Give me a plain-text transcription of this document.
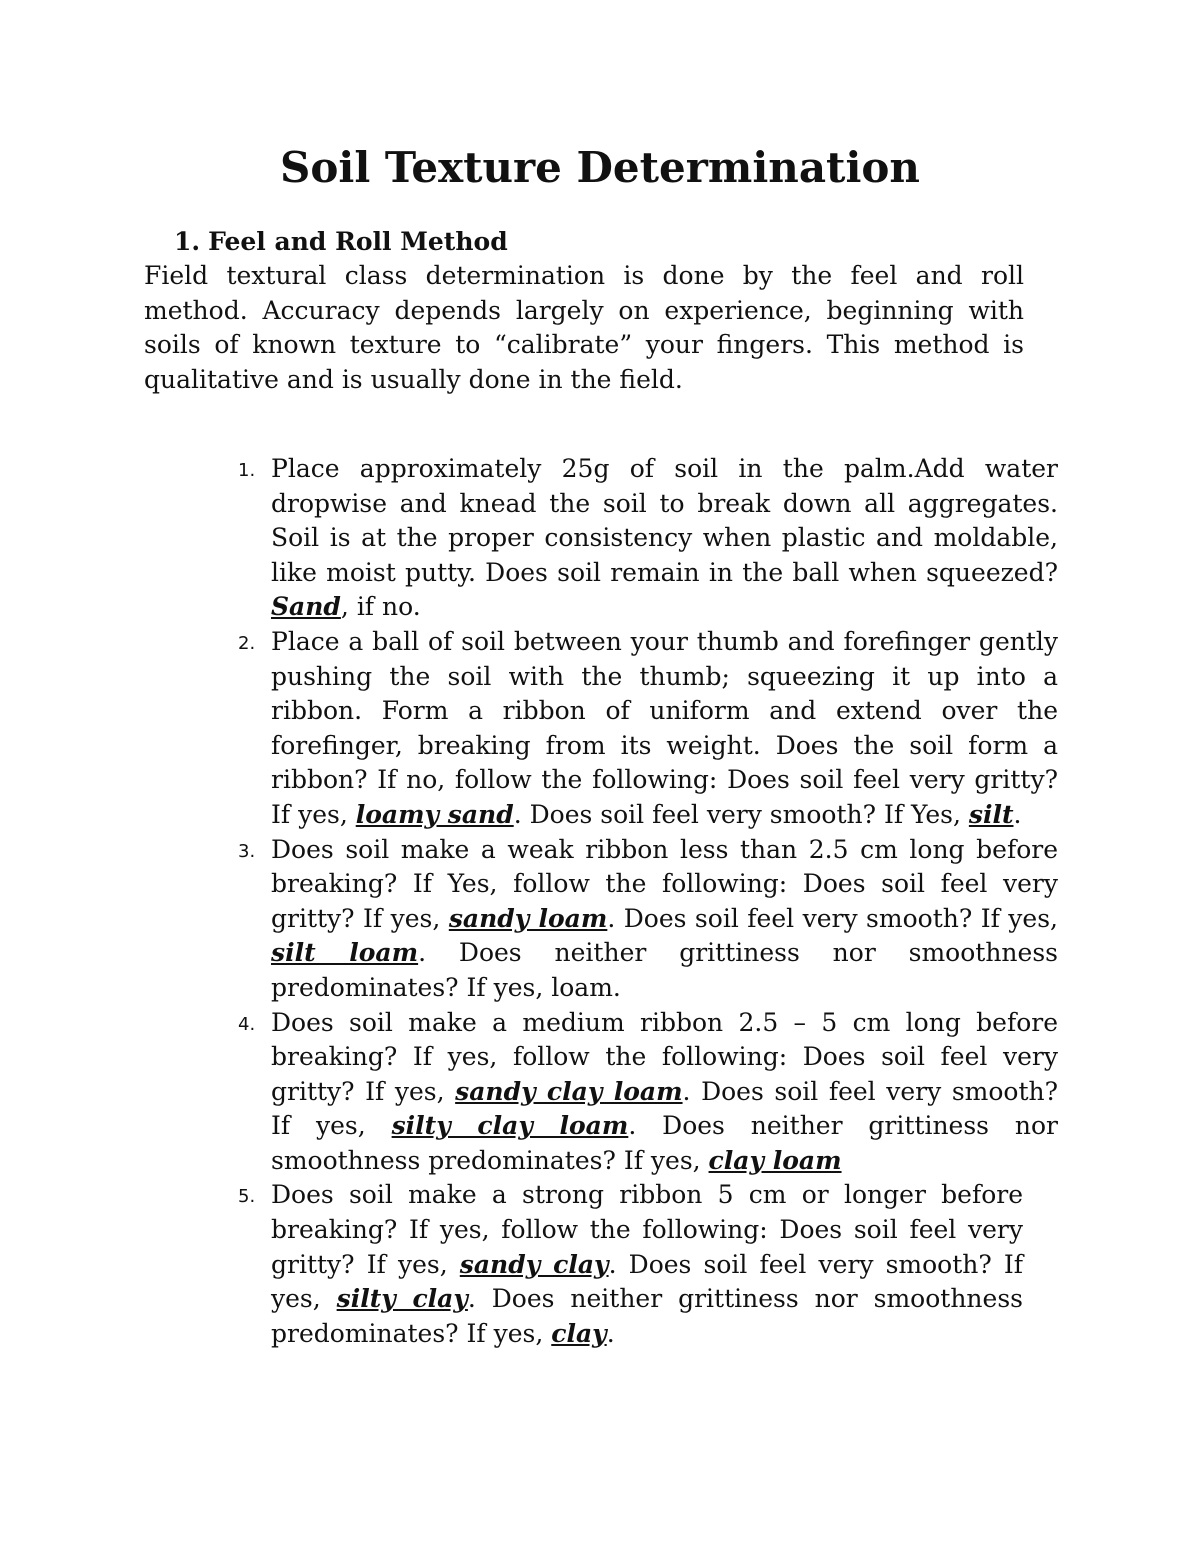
Soil Texture Determination
1. Feel and Roll Method

Field textural class determination is done by the feel and roll method. Accuracy depends largely on experience, beginning with soils of known texture to “calibrate” your fingers. This method is qualitative and is usually done in the field.

1. Place approximately 25g of soil in the palm.Add water dropwise and knead the soil to break down all aggregates. Soil is at the proper consistency when plastic and moldable, like moist putty. Does soil remain in the ball when squeezed? Sand, if no.
2. Place a ball of soil between your thumb and forefinger gently pushing the soil with the thumb; squeezing it up into a ribbon. Form a ribbon of uniform and extend over the forefinger, breaking from its weight. Does the soil form a ribbon? If no, follow the following: Does soil feel very gritty? If yes, loamy sand. Does soil feel very smooth? If Yes, silt.
3. Does soil make a weak ribbon less than 2.5 cm long before breaking? If Yes, follow the following: Does soil feel very gritty? If yes, sandy loam. Does soil feel very smooth? If yes, silt loam. Does neither grittiness nor smoothness predominates? If yes, loam.
4. Does soil make a medium ribbon 2.5 – 5 cm long before breaking? If yes, follow the following: Does soil feel very gritty? If yes, sandy clay loam. Does soil feel very smooth? If yes, silty clay loam. Does neither grittiness nor smoothness predominates? If yes, clay loam
5. Does soil make a strong ribbon 5 cm or longer before breaking? If yes, follow the following: Does soil feel very gritty? If yes, sandy clay. Does soil feel very smooth? If yes, silty clay. Does neither grittiness nor smoothness predominates? If yes, clay.
